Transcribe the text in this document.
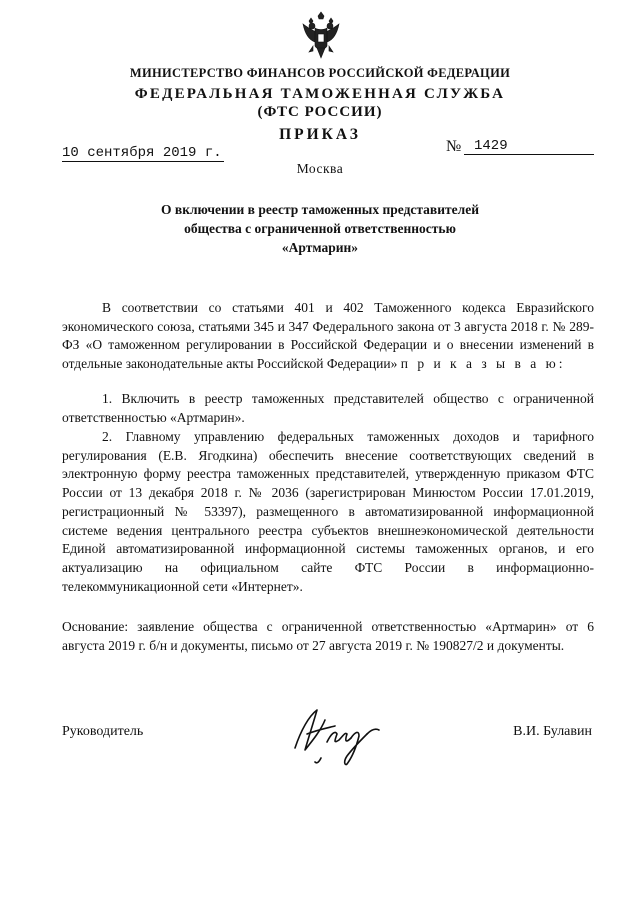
МИНИСТЕРСТВО ФИНАНСОВ РОССИЙСКОЙ ФЕДЕРАЦИИ
ФЕДЕРАЛЬНАЯ ТАМОЖЕННАЯ СЛУЖБА
(ФТС РОССИИ)
ПРИКАЗ
10 сентября 2019 г.	№ 1429
Москва
О включении в реестр таможенных представителей
общества с ограниченной ответственностью
«Артмарин»

В соответствии со статьями 401 и 402 Таможенного кодекса Евразийского экономического союза, статьями 345 и 347 Федерального закона от 3 августа 2018 г. № 289-ФЗ «О таможенном регулировании в Российской Федерации и о внесении изменений в отдельные законодательные акты Российской Федерации» п р и к а з ы в а ю:

1. Включить в реестр таможенных представителей общество с ограниченной ответственностью «Артмарин».

2. Главному управлению федеральных таможенных доходов и тарифного регулирования (Е.В. Ягодкина) обеспечить внесение соответствующих сведений в электронную форму реестра таможенных представителей, утвержденную приказом ФТС России от 13 декабря 2018 г. № 2036 (зарегистрирован Минюстом России 17.01.2019, регистрационный № 53397), размещенного в автоматизированной информационной системе ведения центрального реестра субъектов внешнеэкономической деятельности Единой автоматизированной информационной системы таможенных органов, и его актуализацию на официальном сайте ФТС России в информационно-телекоммуникационной сети «Интернет».

Основание: заявление общества с ограниченной ответственностью «Артмарин» от 6 августа 2019 г. б/н и документы, письмо от 27 августа 2019 г. № 190827/2 и документы.

Руководитель	В.И. Булавин
